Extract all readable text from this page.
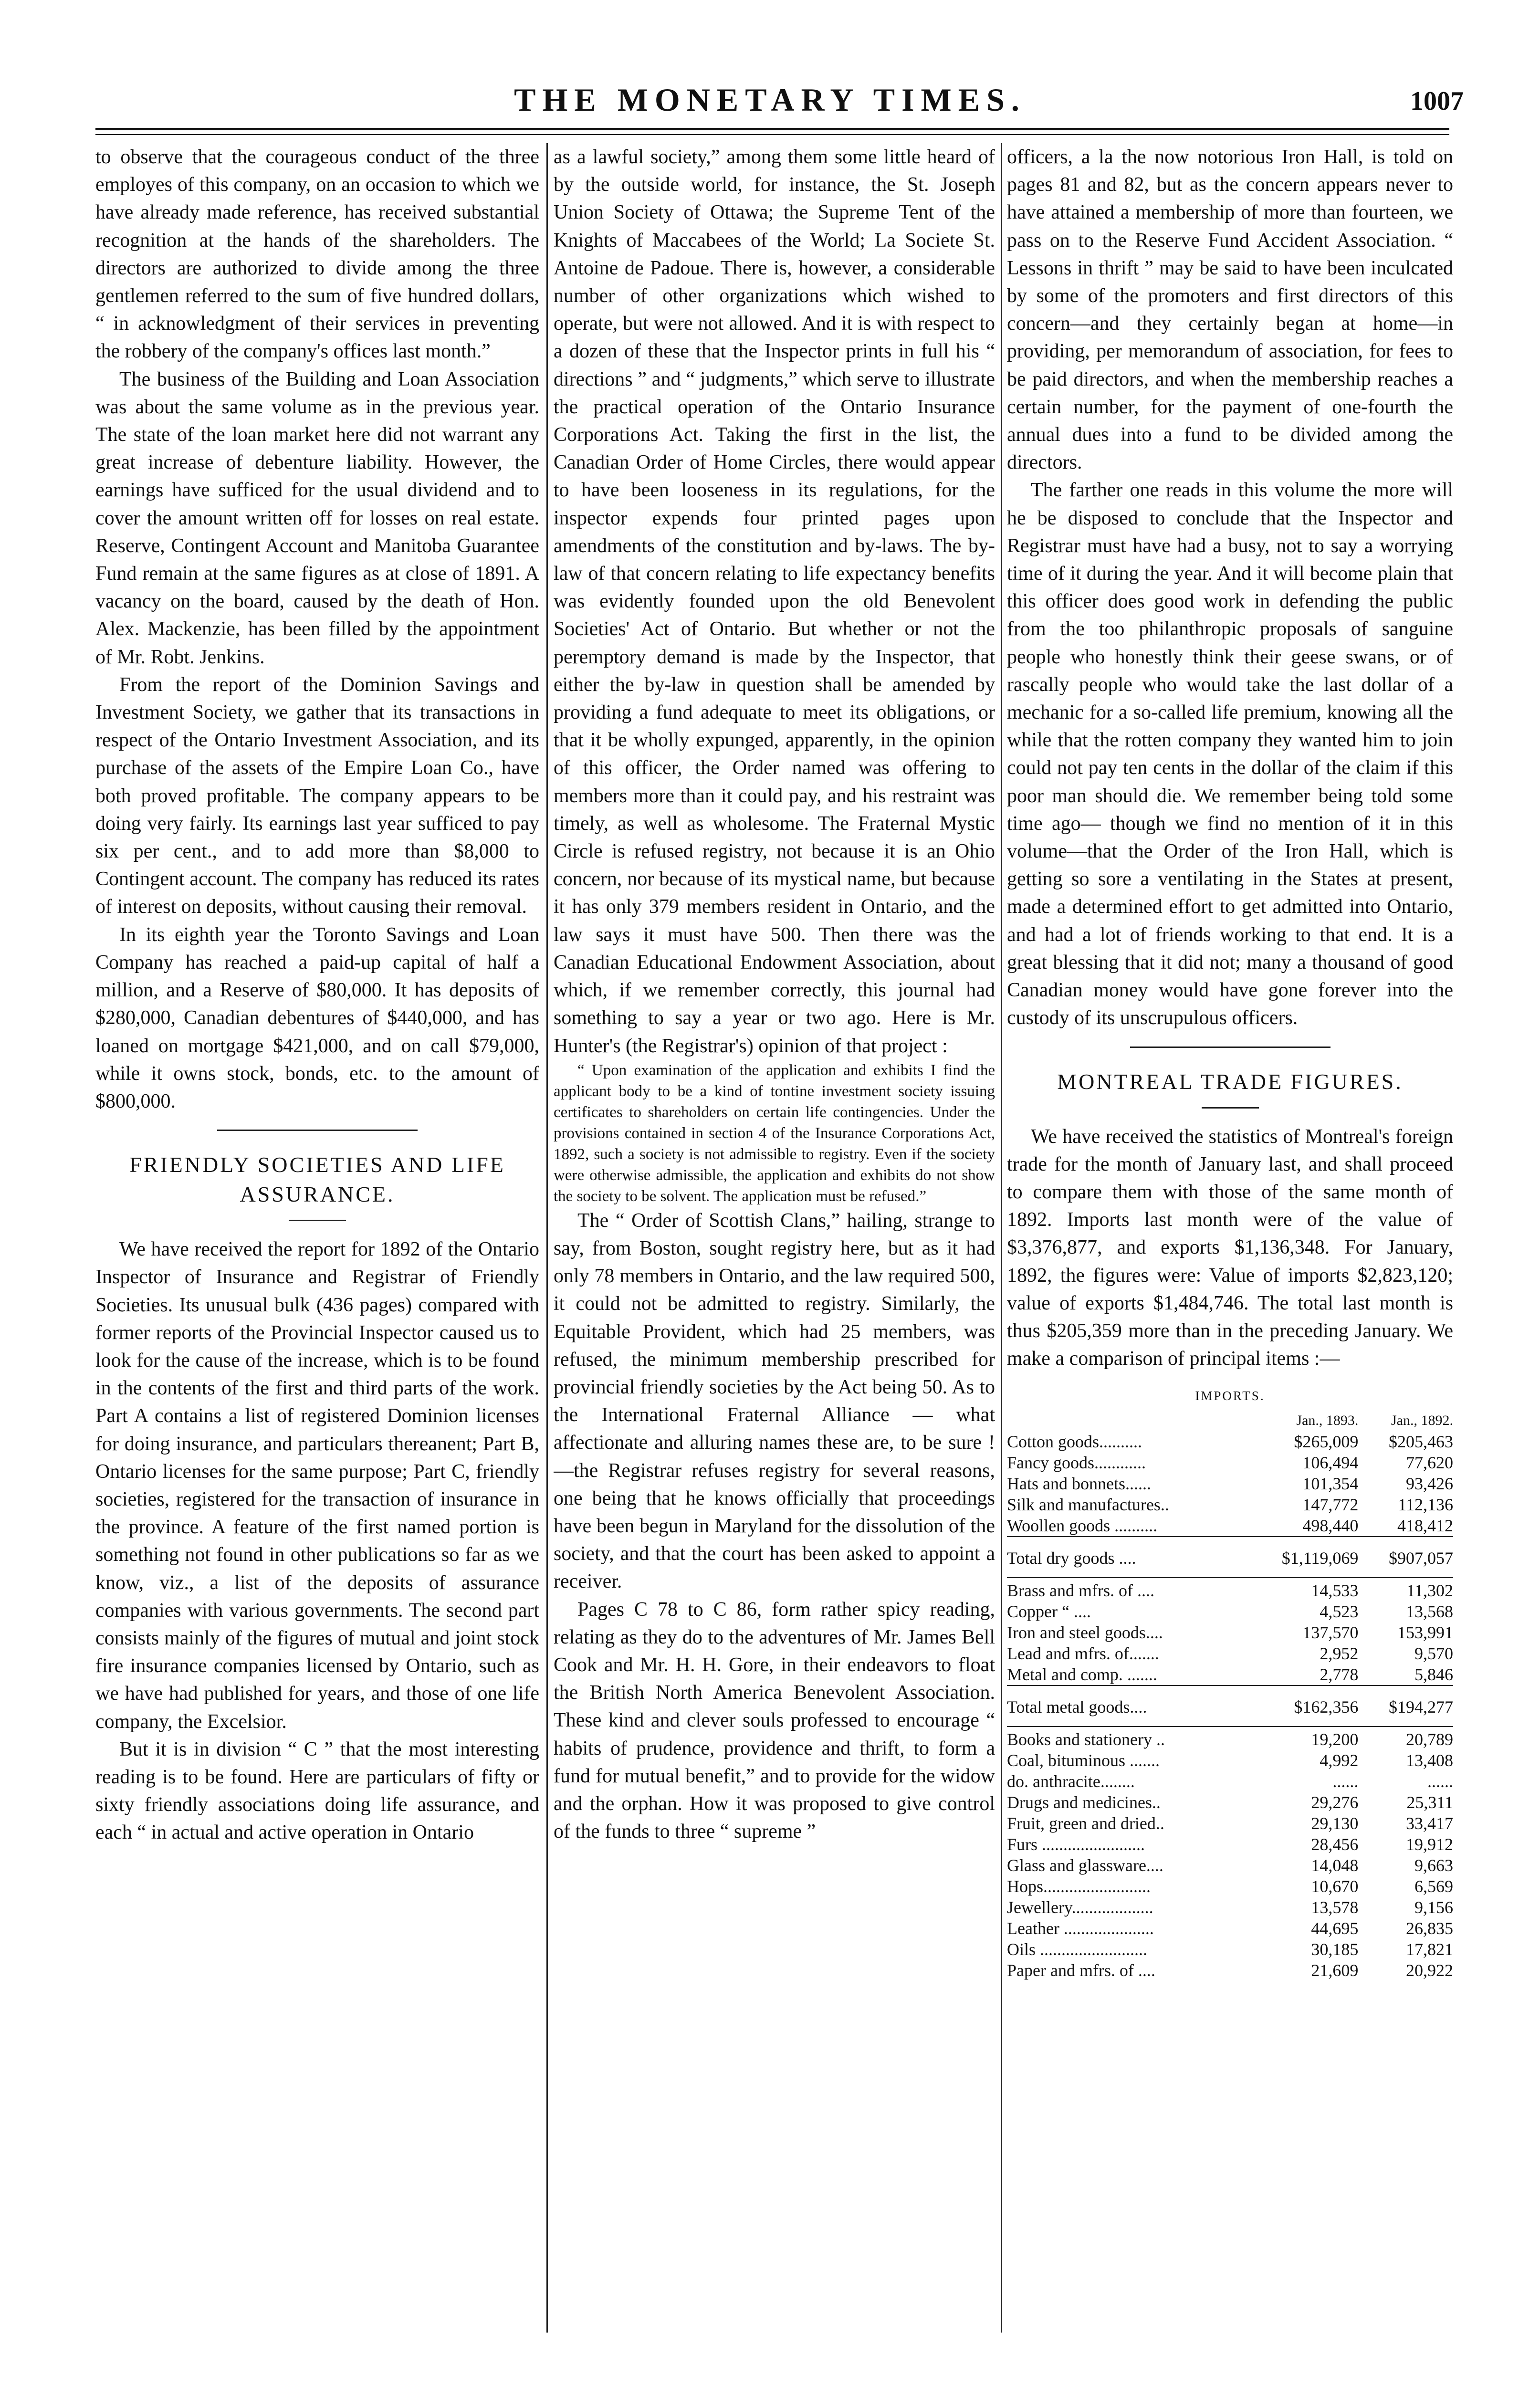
THE MONETARY TIMES.	1007

to observe that the courageous conduct of the three employes of this company, on an occasion to which we have already made reference, has received substantial recognition at the hands of the shareholders. The directors are authorized to divide among the three gentlemen referred to the sum of five hundred dollars, “ in acknowledgment of their services in preventing the robbery of the company's offices last month.”

The business of the Building and Loan Association was about the same volume as in the previous year. The state of the loan market here did not warrant any great increase of debenture liability. However, the earnings have sufficed for the usual dividend and to cover the amount written off for losses on real estate. Reserve, Contingent Account and Manitoba Guarantee Fund remain at the same figures as at close of 1891. A vacancy on the board, caused by the death of Hon. Alex. Mackenzie, has been filled by the appointment of Mr. Robt. Jenkins.

From the report of the Dominion Savings and Investment Society, we gather that its transactions in respect of the Ontario Investment Association, and its purchase of the assets of the Empire Loan Co., have both proved profitable. The company appears to be doing very fairly. Its earnings last year sufficed to pay six per cent., and to add more than $8,000 to Contingent account. The company has reduced its rates of interest on deposits, without causing their removal.

In its eighth year the Toronto Savings and Loan Company has reached a paid-up capital of half a million, and a Reserve of $80,000. It has deposits of $280,000, Canadian debentures of $440,000, and has loaned on mortgage $421,000, and on call $79,000, while it owns stock, bonds, etc. to the amount of $800,000.

FRIENDLY SOCIETIES AND LIFE ASSURANCE.

We have received the report for 1892 of the Ontario Inspector of Insurance and Registrar of Friendly Societies. Its unusual bulk (436 pages) compared with former reports of the Provincial Inspector caused us to look for the cause of the increase, which is to be found in the contents of the first and third parts of the work. Part A contains a list of registered Dominion licenses for doing insurance, and particulars thereanent; Part B, Ontario licenses for the same purpose; Part C, friendly societies, registered for the transaction of insurance in the province. A feature of the first named portion is something not found in other publications so far as we know, viz., a list of the deposits of assurance companies with various governments. The second part consists mainly of the figures of mutual and joint stock fire insurance companies licensed by Ontario, such as we have had published for years, and those of one life company, the Excelsior.

But it is in division “ C ” that the most interesting reading is to be found. Here are particulars of fifty or sixty friendly associations doing life assurance, and each “ in actual and active operation in Ontario

as a lawful society,” among them some little heard of by the outside world, for instance, the St. Joseph Union Society of Ottawa; the Supreme Tent of the Knights of Maccabees of the World; La Societe St. Antoine de Padoue. There is, however, a considerable number of other organizations which wished to operate, but were not allowed. And it is with respect to a dozen of these that the Inspector prints in full his “ directions ” and “ judgments,” which serve to illustrate the practical operation of the Ontario Insurance Corporations Act. Taking the first in the list, the Canadian Order of Home Circles, there would appear to have been looseness in its regulations, for the inspector expends four printed pages upon amendments of the constitution and by-laws. The by-law of that concern relating to life expectancy benefits was evidently founded upon the old Benevolent Societies' Act of Ontario. But whether or not the peremptory demand is made by the Inspector, that either the by-law in question shall be amended by providing a fund adequate to meet its obligations, or that it be wholly expunged, apparently, in the opinion of this officer, the Order named was offering to members more than it could pay, and his restraint was timely, as well as wholesome. The Fraternal Mystic Circle is refused registry, not because it is an Ohio concern, nor because of its mystical name, but because it has only 379 members resident in Ontario, and the law says it must have 500. Then there was the Canadian Educational Endowment Association, about which, if we remember correctly, this journal had something to say a year or two ago. Here is Mr. Hunter's (the Registrar's) opinion of that project :

“ Upon examination of the application and exhibits I find the applicant body to be a kind of tontine investment society issuing certificates to shareholders on certain life contingencies. Under the provisions contained in section 4 of the Insurance Corporations Act, 1892, such a society is not admissible to registry. Even if the society were otherwise admissible, the application and exhibits do not show the society to be solvent. The application must be refused.”

The “ Order of Scottish Clans,” hailing, strange to say, from Boston, sought registry here, but as it had only 78 members in Ontario, and the law required 500, it could not be admitted to registry. Similarly, the Equitable Provident, which had 25 members, was refused, the minimum membership prescribed for provincial friendly societies by the Act being 50. As to the International Fraternal Alliance — what affectionate and alluring names these are, to be sure !—the Registrar refuses registry for several reasons, one being that he knows officially that proceedings have been begun in Maryland for the dissolution of the society, and that the court has been asked to appoint a receiver.

Pages C 78 to C 86, form rather spicy reading, relating as they do to the adventures of Mr. James Bell Cook and Mr. H. H. Gore, in their endeavors to float the British North America Benevolent Association. These kind and clever souls professed to encourage “ habits of prudence, providence and thrift, to form a fund for mutual benefit,” and to provide for the widow and the orphan. How it was proposed to give control of the funds to three “ supreme ”

officers, a la the now notorious Iron Hall, is told on pages 81 and 82, but as the concern appears never to have attained a membership of more than fourteen, we pass on to the Reserve Fund Accident Association. “ Lessons in thrift ” may be said to have been inculcated by some of the promoters and first directors of this concern—and they certainly began at home—in providing, per memorandum of association, for fees to be paid directors, and when the membership reaches a certain number, for the payment of one-fourth the annual dues into a fund to be divided among the directors.

The farther one reads in this volume the more will he be disposed to conclude that the Inspector and Registrar must have had a busy, not to say a worrying time of it during the year. And it will become plain that this officer does good work in defending the public from the too philanthropic proposals of sanguine people who honestly think their geese swans, or of rascally people who would take the last dollar of a mechanic for a so-called life premium, knowing all the while that the rotten company they wanted him to join could not pay ten cents in the dollar of the claim if this poor man should die. We remember being told some time ago— though we find no mention of it in this volume—that the Order of the Iron Hall, which is getting so sore a ventilating in the States at present, made a determined effort to get admitted into Ontario, and had a lot of friends working to that end. It is a great blessing that it did not; many a thousand of good Canadian money would have gone forever into the custody of its unscrupulous officers.

MONTREAL TRADE FIGURES.

We have received the statistics of Montreal's foreign trade for the month of January last, and shall proceed to compare them with those of the same month of 1892. Imports last month were of the value of $3,376,877, and exports $1,136,348. For January, 1892, the figures were: Value of imports $2,823,120; value of exports $1,484,746. The total last month is thus $205,359 more than in the preceding January. We make a comparison of principal items :—

IMPORTS.
	Jan., 1893.	Jan., 1892.
Cotton goods..........	$265,009	$205,463
Fancy goods............	106,494	77,620
Hats and bonnets......	101,354	93,426
Silk and manufactures..	147,772	112,136
Woollen goods ..........	498,440	418,412

Total dry goods ....	$1,119,069	$907,057

Brass and mfrs. of ....	14,533	11,302
Copper “ ....	4,523	13,568
Iron and steel goods....	137,570	153,991
Lead and mfrs. of.......	2,952	9,570
Metal and comp. .......	2,778	5,846

Total metal goods....	$162,356	$194,277

Books and stationery ..	19,200	20,789
Coal, bituminous .......	4,992	13,408
do. anthracite........	......	......
Drugs and medicines..	29,276	25,311
Fruit, green and dried..	29,130	33,417
Furs ........................	28,456	19,912
Glass and glassware....	14,048	9,663
Hops.........................	10,670	6,569
Jewellery...................	13,578	9,156
Leather .....................	44,695	26,835
Oils .........................	30,185	17,821
Paper and mfrs. of ....	21,609	20,922
